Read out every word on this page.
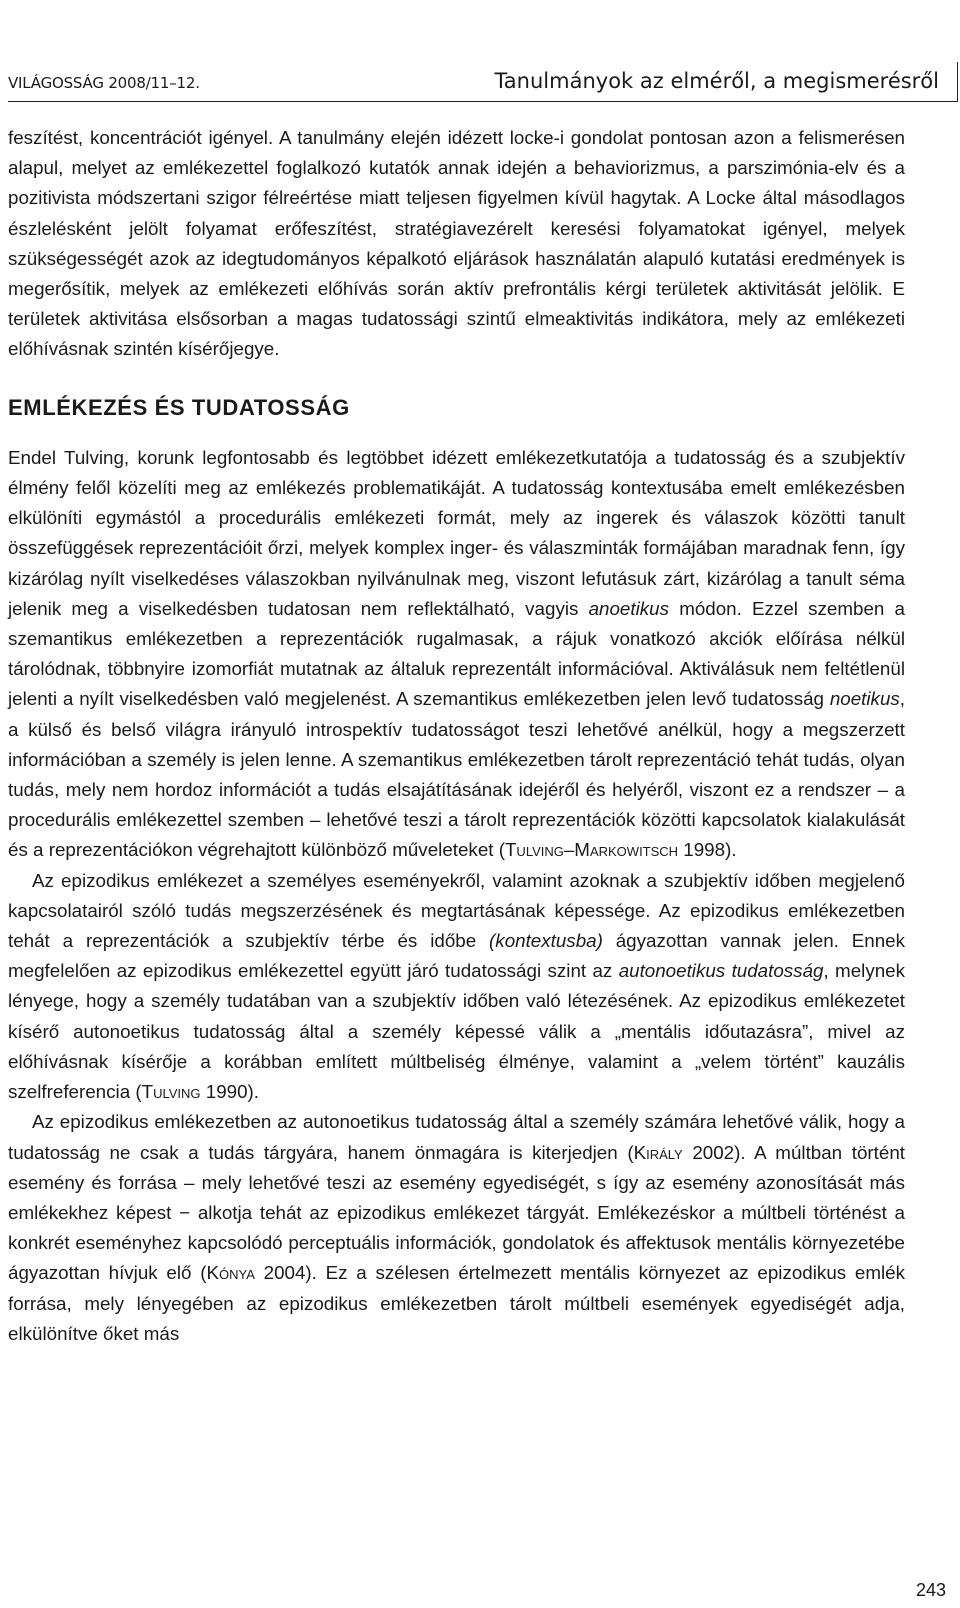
VILÁGOSSÁG 2008/11–12.	Tanulmányok az elméről, a megismerésről

feszítést, koncentrációt igényel. A tanulmány elején idézett locke-i gondolat pontosan azon a felismerésen alapul, melyet az emlékezettel foglalkozó kutatók annak idején a behaviorizmus, a parszimónia-elv és a pozitivista módszertani szigor félreértése miatt teljesen figyelmen kívül hagytak. A Locke által másodlagos észlelésként jelölt folyamat erőfeszítést, stratégiavezérelt keresési folyamatokat igényel, melyek szükségességét azok az idegtudományos képalkotó eljárások használatán alapuló kutatási eredmények is megerősítik, melyek az emlékezeti előhívás során aktív prefrontális kérgi területek aktivitását jelölik. E területek aktivitása elsősorban a magas tudatossági szintű elmeaktivitás indikátora, mely az emlékezeti előhívásnak szintén kísérőjegye.

EMLÉKEZÉS ÉS TUDATOSSÁG

Endel Tulving, korunk legfontosabb és legtöbbet idézett emlékezetkutatója a tudatosság és a szubjektív élmény felől közelíti meg az emlékezés problematikáját. A tudatosság kontextusába emelt emlékezésben elkülöníti egymástól a procedurális emlékezeti formát, mely az ingerek és válaszok közötti tanult összefüggések reprezentációit őrzi, melyek komplex inger- és válaszminták formájában maradnak fenn, így kizárólag nyílt viselkedéses válaszokban nyilvánulnak meg, viszont lefutásuk zárt, kizárólag a tanult séma jelenik meg a viselkedésben tudatosan nem reflektálható, vagyis anoetikus módon. Ezzel szemben a szemantikus emlékezetben a reprezentációk rugalmasak, a rájuk vonatkozó akciók előírása nélkül tárolódnak, többnyire izomorfiát mutatnak az általuk reprezentált információval. Aktiválásuk nem feltétlenül jelenti a nyílt viselkedésben való megjelenést. A szemantikus emlékezetben jelen levő tudatosság noetikus, a külső és belső világra irányuló introspektív tudatosságot teszi lehetővé anélkül, hogy a megszerzett információban a személy is jelen lenne. A szemantikus emlékezetben tárolt reprezentáció tehát tudás, olyan tudás, mely nem hordoz információt a tudás elsajátításának idejéről és helyéről, viszont ez a rendszer – a procedurális emlékezettel szemben – lehetővé teszi a tárolt reprezentációk közötti kapcsolatok kialakulását és a reprezentációkon végrehajtott különböző műveleteket (Tulving–Markowitsch 1998).

Az epizodikus emlékezet a személyes eseményekről, valamint azoknak a szubjektív időben megjelenő kapcsolatairól szóló tudás megszerzésének és megtartásának képessége. Az epizodikus emlékezetben tehát a reprezentációk a szubjektív térbe és időbe (kontextusba) ágyazottan vannak jelen. Ennek megfelelően az epizodikus emlékezettel együtt járó tudatossági szint az autonoetikus tudatosság, melynek lényege, hogy a személy tudatában van a szubjektív időben való létezésének. Az epizodikus emlékezetet kísérő autonoetikus tudatosság által a személy képessé válik a „mentális időutazásra”, mivel az előhívásnak kísérője a korábban említett múltbeliség élménye, valamint a „velem történt” kauzális szelfreferencia (Tulving 1990).

Az epizodikus emlékezetben az autonoetikus tudatosság által a személy számára lehetővé válik, hogy a tudatosság ne csak a tudás tárgyára, hanem önmagára is kiterjedjen (Király 2002). A múltban történt esemény és forrása – mely lehetővé teszi az esemény egyediségét, s így az esemény azonosítását más emlékekhez képest − alkotja tehát az epizodikus emlékezet tárgyát. Emlékezéskor a múltbeli történést a konkrét eseményhez kapcsolódó perceptuális információk, gondolatok és affektusok mentális környezetébe ágyazottan hívjuk elő (Kónya 2004). Ez a szélesen értelmezett mentális környezet az epizodikus emlék forrása, mely lényegében az epizodikus emlékezetben tárolt múltbeli események egyediségét adja, elkülönítve őket más

243
